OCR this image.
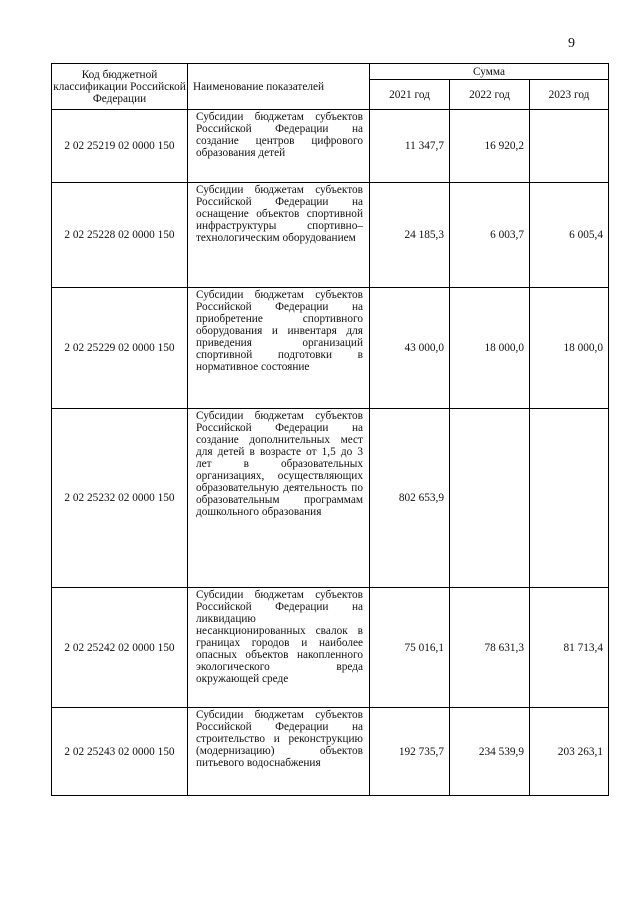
9
Код бюджетной классификации Российской Федерации	Наименование показателей	Сумма		
		2021 год	2022 год	2023 год
2 02 25219 02 0000 150	Субсидии бюджетам субъектов Российской Федерации на создание центров цифрового образования детей	11 347,7	16 920,2	
2 02 25228 02 0000 150	Субсидии бюджетам субъектов Российской Федерации на оснащение объектов спортивной инфраструктуры спортивно–технологическим оборудованием	24 185,3	6 003,7	6 005,4
2 02 25229 02 0000 150	Субсидии бюджетам субъектов Российской Федерации на приобретение спортивного оборудования и инвентаря для приведения организаций спортивной подготовки в нормативное состояние	43 000,0	18 000,0	18 000,0
2 02 25232 02 0000 150	Субсидии бюджетам субъектов Российской Федерации на создание дополнительных мест для детей в возрасте от 1,5 до 3 лет в образовательных организациях, осуществляющих образовательную деятельность по образовательным программам дошкольного образования	802 653,9		
2 02 25242 02 0000 150	Субсидии бюджетам субъектов Российской Федерации на ликвидацию несанкционированных свалок в границах городов и наиболее опасных объектов накопленного экологического вреда окружающей среде	75 016,1	78 631,3	81 713,4
2 02 25243 02 0000 150	Субсидии бюджетам субъектов Российской Федерации на строительство и реконструкцию (модернизацию) объектов питьевого водоснабжения	192 735,7	234 539,9	203 263,1
